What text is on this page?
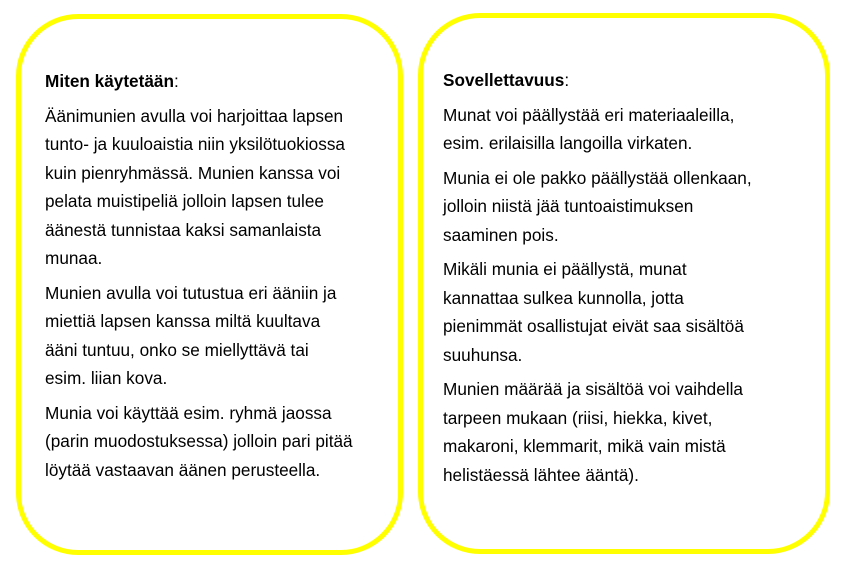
Miten käytetään:
Äänimunien avulla voi harjoittaa lapsen
tunto- ja kuuloaistia niin yksilötuokiossa
kuin pienryhmässä. Munien kanssa voi
pelata muistipeliä jolloin lapsen tulee
äänestä tunnistaa kaksi samanlaista
munaa.
Munien avulla voi tutustua eri ääniin ja
miettiä lapsen kanssa miltä kuultava
ääni tuntuu, onko se miellyttävä tai
esim. liian kova.
Munia voi käyttää esim. ryhmä jaossa
(parin muodostuksessa) jolloin pari pitää
löytää vastaavan äänen perusteella.
Sovellettavuus:
Munat voi päällystää eri materiaaleilla,
esim. erilaisilla langoilla virkaten.
Munia ei ole pakko päällystää ollenkaan,
jolloin niistä jää tuntoaistimuksen
saaminen pois.
Mikäli munia ei päällystä, munat
kannattaa sulkea kunnolla, jotta
pienimmät osallistujat eivät saa sisältöä
suuhunsa.
Munien määrää ja sisältöä voi vaihdella
tarpeen mukaan (riisi, hiekka, kivet,
makaroni, klemmarit, mikä vain mistä
helistäessä lähtee ääntä).
